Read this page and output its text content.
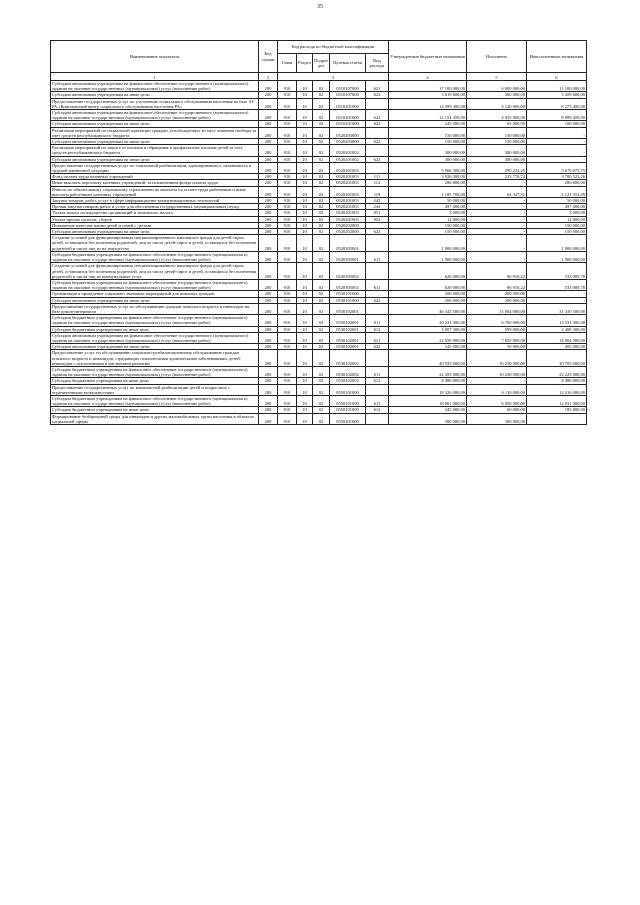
35
Наименование показателя	Код строки	Код расхода по бюджетной классификации					Утвержденные бюджетные назначения	Исполнено	Неисполненные назначения
		Глава	Раздел	Подраз дел	Целевая статья	Вид расхода			
1	2	3					4	5	6
Субсидии автономным учреждениям на финансовое обеспечение государственного (муниципального) задания на оказание государственных (муниципальных) услуг (выполнение работ)	200	910	10	02	0510107000	621	17 100 000,00	6 000 000,00	11 100 000,00
Субсидии автономным учреждениям на иные цели	200	910	10	02	0510107000	622	3 819 600,00	360 000,00	3 459 600,00
Предоставление государственных услуг по улучшению социального обслуживания населения на базе АУ РА «Комплексный центр социального обслуживания населения РА»	200	910	10	02	0510201000		12 399 400,00	4 126 000,00	8 273 400,00
Субсидии автономным учреждениям на финансовое обеспечение государственного (муниципального) задания на оказание государственных (муниципальных) услуг (выполнение работ)	200	910	10	02	0510201000	621	12 154 450,00	4 055 000,00	8 099 450,00
Субсидии автономным учреждениям на иные цели	200	910	10	02	0510201000	622	245 000,00	65 000,00	180 000,00
Реализация мероприятий по социальной адаптации граждан, освобожденных из мест лишения свободы за счет средств республиканского бюджета	200	910	10	02	0520203000		150 000,00	150 000,00	-
Субсидии автономным учреждениям на иные цели	200	910	10	02	0520203000	622	150 000,00	150 000,00	-
Реализация мероприятий по защите от насилия и обращения в профилактике насилия детей за счет средств республиканского бюджета	200	910	10	02	0520201002		300 000,00	300 000,00	-
Субсидии автономным учреждениям на иные цели	200	910	10	02	0520201002	622	300 000,00	300 000,00	-
Предоставление государственных услуг по социальной реабилитации, адаптированного, оказавшихся в трудной жизненной ситуации	200	910	10	02	0520201003		5 966 300,00	290 224,25	5 676 075,75
Фонд оплаты труда казенных учреждений	200	910	10	02	0520201003	111	3 926 300,00	225 776,74	3 700 523,26
Иные выплаты персоналу казенных учреждений, за исключением фонда оплаты труда	200	910	10	02	0520201003	112	286 800,00	-	286 800,00
Взносы по обязательному социальному страхованию на выплаты по оплате труда работников и иные выплаты работникам казенных учреждений	200	910	10	02	0520201003	119	1 185 700,00	64 347,51	1 121 352,49
Закупка товаров, работ, услуг в сфере информационно-коммуникационных технологий	200	910	10	02	0520201003	242	50 000,00	-	50 000,00
Прочая закупка товаров, работ и услуг для обеспечения государственных (муниципальных) нужд	200	910	10	02	0520201003	244	497 000,00	-	497 000,00
Уплата налога на имущество организаций и земельного налога	200	910	10	02	0520201003	851	3 000,00	-	3 000,00
Уплата прочих налогов, сборов	200	910	10	02	0520201003	852	12 000,00	-	12 000,00
Повышение качества жизни детей и семей с детьми	200	910	10	02	0520202000		150 000,00	-	150 000,00
Субсидии автономным учреждениям на иные цели	200	910	10	02	0520202000	622	150 000,00	-	150 000,00
Создание условий для функционирования специализированного жилищного фонда для детей-сирот, детей, оставшихся без попечения родителей, лиц из числа детей-сирот и детей, оставшихся без попечения родителей и числа лиц из их имущества	200	910	10	02	0520305001		1 900 000,00	-	1 900 000,00
Субсидии бюджетным учреждениям на финансовое обеспечение государственного (муниципального) задания на оказание государственных (муниципальных) услуг (выполнение работ)	200	910	10	02	0520305001	611	1 900 000,00	-	1 900 000,00
Создание условий для функционирования специализированного жилищного фонда для детей-сирот, детей, оставшихся без попечения родителей, лиц из числа детей-сирот и детей, оставшихся без попечения родителей и числа лиц из коммунальных услуг	200	910	10	02	0520305002		620 000,00	86 910,22	533 089,78
Субсидии бюджетным учреждениям на финансовое обеспечение государственного (муниципального) задания на оказание государственных (муниципальных) услуг (выполнение работ)	200	910	10	02	0520305002	611	620 000,00	86 910,22	533 089,78
Организация и проведение социально значимых мероприятий для пожилых граждан	200	910	10	02	0530101000		200 000,00	200 000,00	-
Субсидии автономным учреждениям на иные цели	200	910	10	02	0530101000	622	200 000,00	200 000,00	-
Предоставление государственных услуг по обслуживанию граждан пожилого возраста и инвалидов на базе домов-интернатов	200	910	10	02	0530102001		46 343 500,00	15 004 000,00	31 339 500,00
Субсидии бюджетным учреждениям на финансовое обеспечение государственного (муниципального) задания на оказание государственных (муниципальных) услуг (выполнение работ)	200	910	10	02	0530102001	611	20 231 300,00	6 700 000,00	13 531 300,00
Субсидии бюджетным учреждениям на иные цели	200	910	10	02	0530102001	612	3 007 300,00	599 000,00	2 408 300,00
Субсидии автономным учреждениям на финансовое обеспечение государственного (муниципального) задания на оказание государственных (муниципальных) услуг (выполнение работ)	200	910	10	02	0530102001	621	22 559 900,00	7 655 000,00	14 904 900,00
Субсидии автономным учреждениям на иные цели	200	910	10	02	0530102001	622	545 000,00	50 000,00	495 000,00
Предоставление услуг по обслуживанию социально-реабилитационному обслуживанию граждан пожилого возраста и инвалидов, страдающих психическими хроническими заболеваниями, детей-инвалидов с отклонениями в умственном развитии	200	910	10	02	0530102002		40 935 000,00	10 230 000,00	30 705 000,00
Субсидии бюджетным учреждениям на финансовое обеспечение государственного (муниципального) задания на оказание государственных (муниципальных) услуг (выполнение работ)	200	910	10	02	0530102002	611	32 455 000,00	10 230 000,00	22 225 000,00
Субсидии бюджетным учреждениям на иные цели	200	910	10	02	0530102002	612	8 480 000,00	-	8 480 000,00
Предоставление государственных услуг по комплексной реабилитации детей и подростков с ограниченными возможностями	200	910	10	02	0550101000		18 326 000,00	6 110 000,00	12 216 000,00
Субсидии бюджетным учреждениям на финансовое обеспечение государственного (муниципального) задания на оказание государственных (муниципальных) услуг (выполнение работ)	200	910	10	02	0550101000	611	18 081 000,00	6 050 000,00	12 031 000,00
Субсидии бюджетным учреждениям на иные цели	200	910	10	02	0550101000	612	245 000,00	60 000,00	185 000,00
Формирование безбарьерной среды для инвалидов и других маломобильных групп населения в объектах социальной сферы	200	910	10	02	0550201000		300 000,00	300 000,00	-
